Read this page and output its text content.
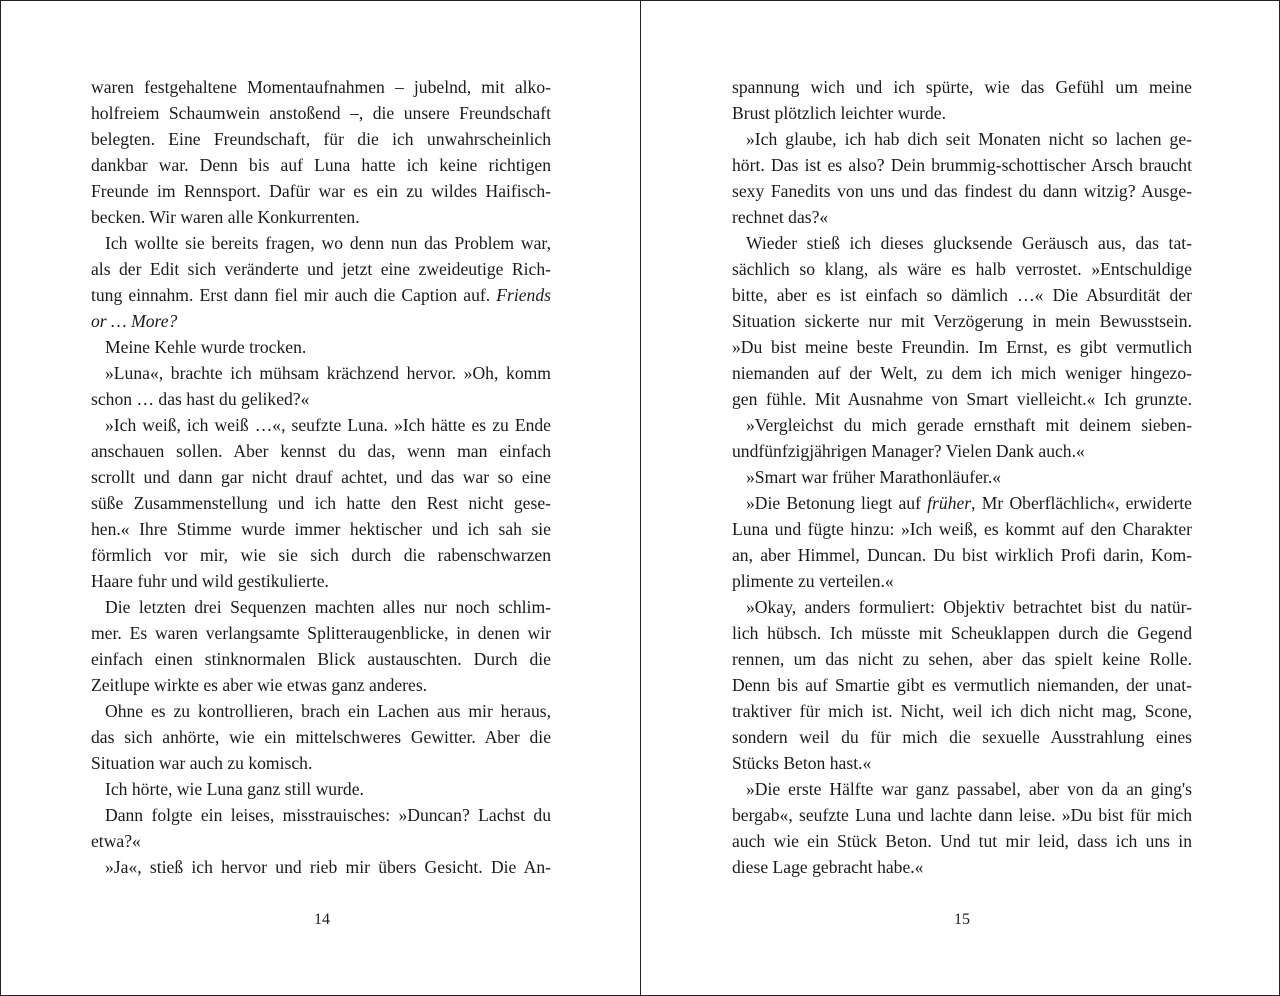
waren festgehaltene Momentaufnahmen – jubelnd, mit alko-
holfreiem Schaumwein anstoßend –, die unsere Freundschaft
belegten. Eine Freundschaft, für die ich unwahrscheinlich
dankbar war. Denn bis auf Luna hatte ich keine richtigen
Freunde im Rennsport. Dafür war es ein zu wildes Haifisch-
becken. Wir waren alle Konkurrenten.
Ich wollte sie bereits fragen, wo denn nun das Problem war,
als der Edit sich veränderte und jetzt eine zweideutige Rich-
tung einnahm. Erst dann fiel mir auch die Caption auf. Friends
or … More?
Meine Kehle wurde trocken.
»Luna«, brachte ich mühsam krächzend hervor. »Oh, komm
schon … das hast du geliked?«
»Ich weiß, ich weiß …«, seufzte Luna. »Ich hätte es zu Ende
anschauen sollen. Aber kennst du das, wenn man einfach
scrollt und dann gar nicht drauf achtet, und das war so eine
süße Zusammenstellung und ich hatte den Rest nicht gese-
hen.« Ihre Stimme wurde immer hektischer und ich sah sie
förmlich vor mir, wie sie sich durch die rabenschwarzen
Haare fuhr und wild gestikulierte.
Die letzten drei Sequenzen machten alles nur noch schlim-
mer. Es waren verlangsamte Splitteraugenblicke, in denen wir
einfach einen stinknormalen Blick austauschten. Durch die
Zeitlupe wirkte es aber wie etwas ganz anderes.
Ohne es zu kontrollieren, brach ein Lachen aus mir heraus,
das sich anhörte, wie ein mittelschweres Gewitter. Aber die
Situation war auch zu komisch.
Ich hörte, wie Luna ganz still wurde.
Dann folgte ein leises, misstrauisches: »Duncan? Lachst du
etwa?«
»Ja«, stieß ich hervor und rieb mir übers Gesicht. Die An-
14
spannung wich und ich spürte, wie das Gefühl um meine
Brust plötzlich leichter wurde.
»Ich glaube, ich hab dich seit Monaten nicht so lachen ge-
hört. Das ist es also? Dein brummig-schottischer Arsch braucht
sexy Fanedits von uns und das findest du dann witzig? Ausge-
rechnet das?«
Wieder stieß ich dieses glucksende Geräusch aus, das tat-
sächlich so klang, als wäre es halb verrostet. »Entschuldige
bitte, aber es ist einfach so dämlich …« Die Absurdität der
Situation sickerte nur mit Verzögerung in mein Bewusstsein.
»Du bist meine beste Freundin. Im Ernst, es gibt vermutlich
niemanden auf der Welt, zu dem ich mich weniger hingezo-
gen fühle. Mit Ausnahme von Smart vielleicht.« Ich grunzte.
»Vergleichst du mich gerade ernsthaft mit deinem sieben-
undfünfzigjährigen Manager? Vielen Dank auch.«
»Smart war früher Marathonläufer.«
»Die Betonung liegt auf früher, Mr Oberflächlich«, erwiderte
Luna und fügte hinzu: »Ich weiß, es kommt auf den Charakter
an, aber Himmel, Duncan. Du bist wirklich Profi darin, Kom-
plimente zu verteilen.«
»Okay, anders formuliert: Objektiv betrachtet bist du natür-
lich hübsch. Ich müsste mit Scheuklappen durch die Gegend
rennen, um das nicht zu sehen, aber das spielt keine Rolle.
Denn bis auf Smartie gibt es vermutlich niemanden, der unat-
traktiver für mich ist. Nicht, weil ich dich nicht mag, Scone,
sondern weil du für mich die sexuelle Ausstrahlung eines
Stücks Beton hast.«
»Die erste Hälfte war ganz passabel, aber von da an ging's
bergab«, seufzte Luna und lachte dann leise. »Du bist für mich
auch wie ein Stück Beton. Und tut mir leid, dass ich uns in
diese Lage gebracht habe.«
15
